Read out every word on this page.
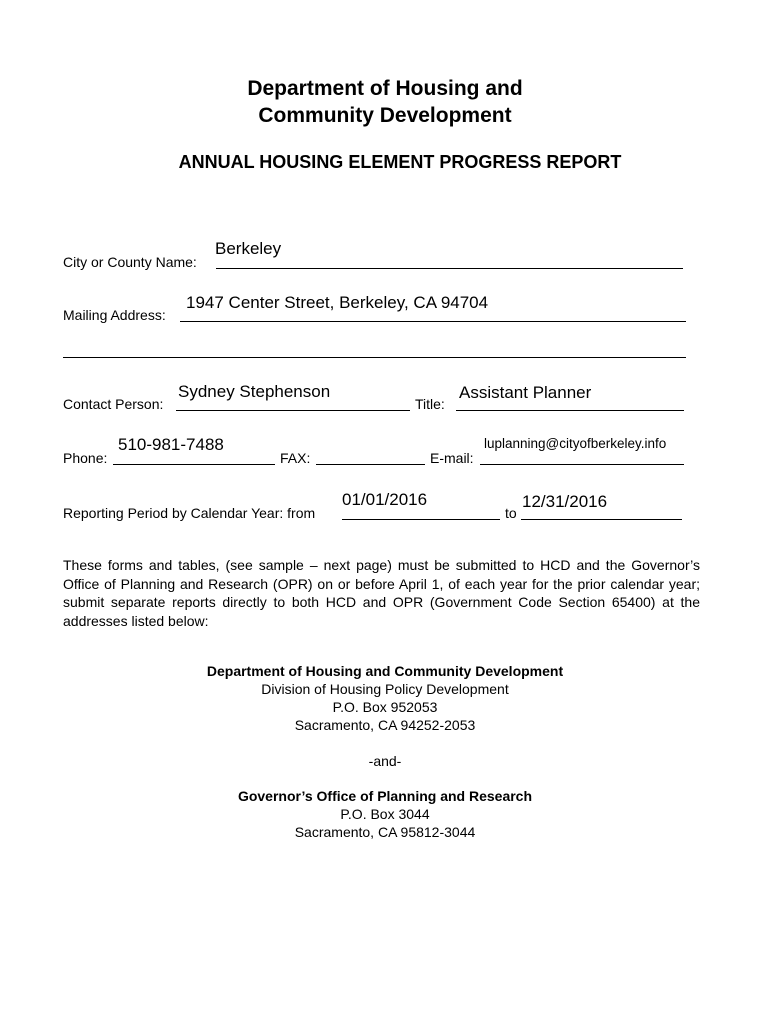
Department of Housing and
Community Development
ANNUAL HOUSING ELEMENT PROGRESS REPORT
City or County Name:
Berkeley
Mailing Address:
1947 Center Street, Berkeley, CA 94704
Contact Person:
Sydney Stephenson
Title:
Assistant Planner
Phone:
510-981-7488
FAX:	E-mail:
luplanning@cityofberkeley.info
Reporting Period by Calendar Year: from
01/01/2016
to
12/31/2016
These forms and tables, (see sample – next page) must be submitted to HCD and the Governor’s Office of Planning and Research (OPR) on or before April 1, of each year for the prior calendar year; submit separate reports directly to both HCD and OPR (Government Code Section 65400) at the addresses listed below:
Department of Housing and Community Development
Division of Housing Policy Development
P.O. Box 952053
Sacramento, CA 94252-2053
-and-
Governor’s Office of Planning and Research
P.O. Box 3044
Sacramento, CA 95812-3044
